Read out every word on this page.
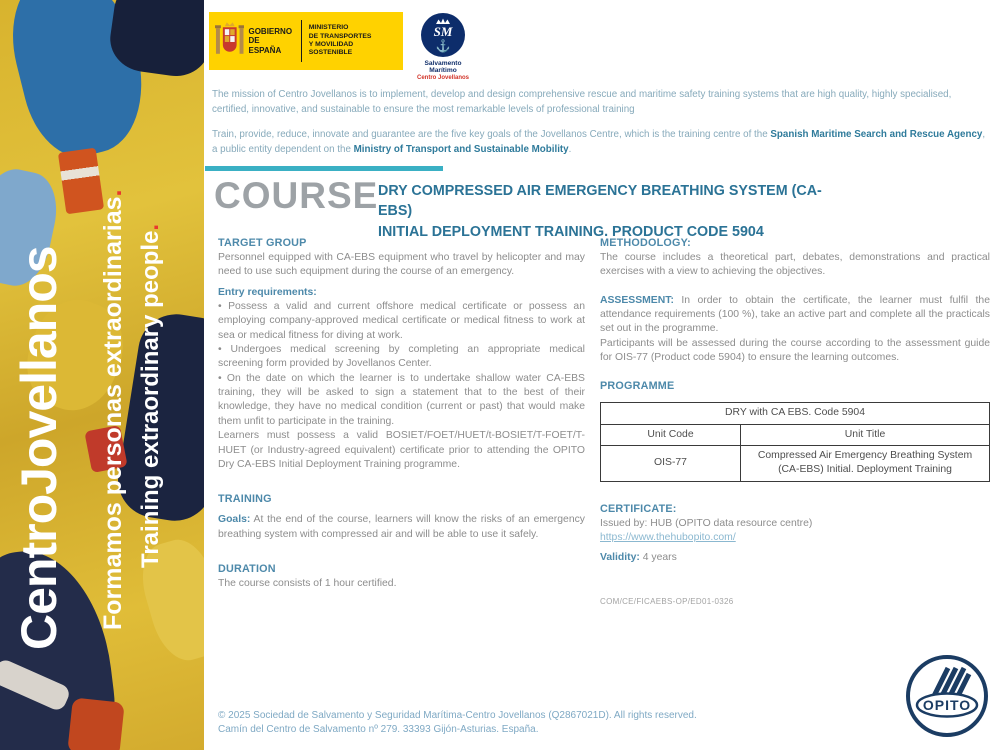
CentroJovellanos Formamos personas extraordinarias.
Training extraordinary people.
GOBIERNO
DE ESPAÑA
MINISTERIO
DE TRANSPORTES
Y MOVILIDAD SOSTENIBLE
SM
⚓
Salvamento Marítimo
Centro Jovellanos

The mission of Centro Jovellanos is to implement, develop and design comprehensive rescue and maritime safety training systems that are high quality, highly specialised, certified, innovative, and sustainable to ensure the most remarkable levels of professional training

Train, provide, reduce, innovate and guarantee are the five key goals of the Jovellanos Centre, which is the training centre of the Spanish Maritime Search and Rescue Agency, a public entity dependent on the Ministry of Transport and Sustainable Mobility.

COURSE DRY COMPRESSED AIR EMERGENCY BREATHING SYSTEM (CA-EBS)
INITIAL DEPLOYMENT TRAINING. PRODUCT CODE 5904
TARGET GROUP

Personnel equipped with CA-EBS equipment who travel by helicopter and may need to use such equipment during the course of an emergency.

Entry requirements:

• Possess a valid and current offshore medical certificate or possess an employing company-approved medical certificate or medical fitness to work at sea or medical fitness for diving at work.

• Undergoes medical screening by completing an appropriate medical screening form provided by Jovellanos Center.

• On the date on which the learner is to undertake shallow water CA-EBS training, they will be asked to sign a statement that to the best of their knowledge, they have no medical condition (current or past) that would make them unfit to participate in the training.

Learners must possess a valid BOSIET/FOET/HUET/t-BOSIET/T-FOET/T-HUET (or Industry-agreed equivalent) certificate prior to attending the OPITO Dry CA-EBS Initial Deployment Training programme.

TRAINING

Goals: At the end of the course, learners will know the risks of an emergency breathing system with compressed air and will be able to use it safely.

DURATION

The course consists of 1 hour certified.

METHODOLOGY:

The course includes a theoretical part, debates, demonstrations and practical exercises with a view to achieving the objectives.

ASSESSMENT: In order to obtain the certificate, the learner must fulfil the attendance requirements (100 %), take an active part and complete all the practicals set out in the programme.

Participants will be assessed during the course according to the assessment guide for OIS-77 (Product code 5904) to ensure the learning outcomes.

PROGRAMME
DRY with CA EBS. Code 5904	
Unit Code	Unit Title
OIS-77	Compressed Air Emergency Breathing System (CA-EBS) Initial. Deployment Training
CERTIFICATE:

Issued by: HUB (OPITO data resource centre)

https://www.thehubopito.com/

Validity: 4 years

COM/CE/FICAEBS-OP/ED01-0326
© 2025 Sociedad de Salvamento y Seguridad Marítima-Centro Jovellanos (Q2867021D). All rights reserved.
Camín del Centro de Salvamento nº 279. 33393 Gijón-Asturias. España.
OPITO
